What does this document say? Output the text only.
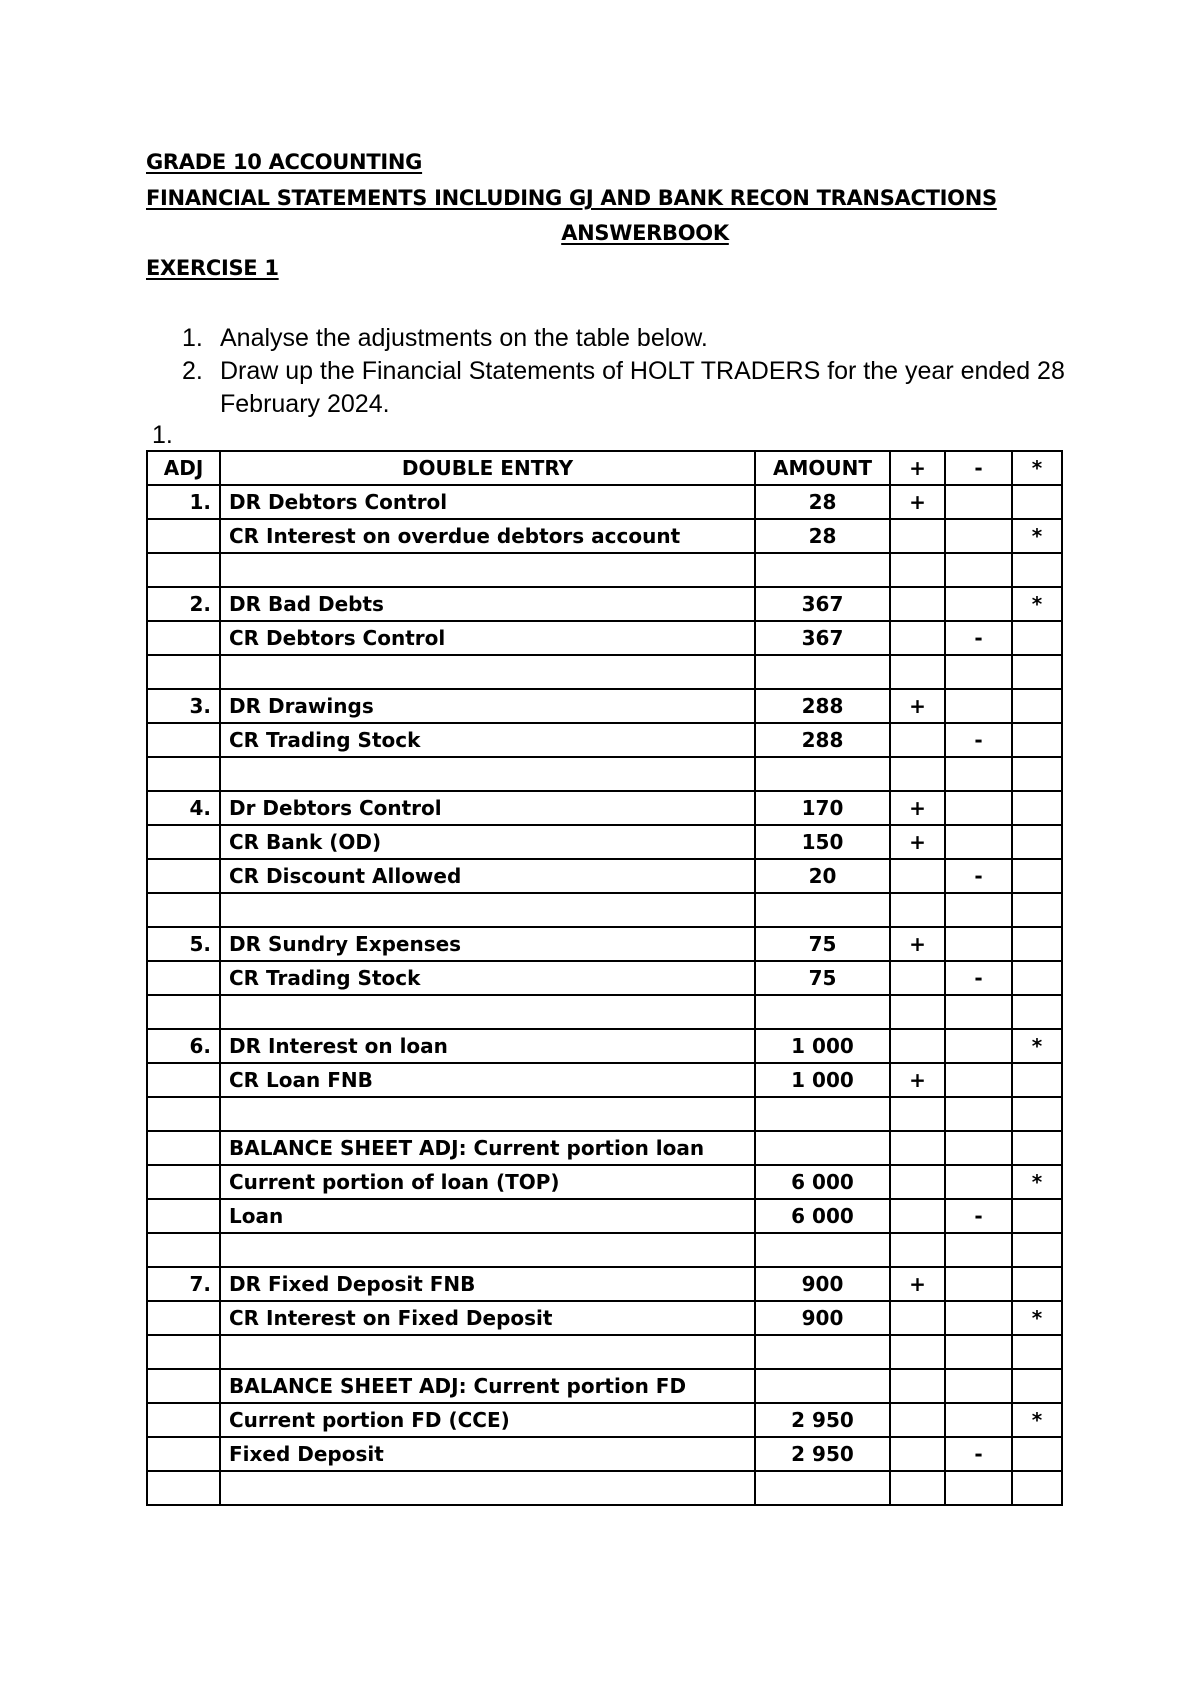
GRADE 10 ACCOUNTING
FINANCIAL STATEMENTS INCLUDING GJ AND BANK RECON TRANSACTIONS
ANSWERBOOK
EXERCISE 1
1. Analyse the adjustments on the table below.
2. Draw up the Financial Statements of HOLT TRADERS for the year ended 28 February 2024.
1.
ADJ	DOUBLE ENTRY	AMOUNT	+	-	*
1.	DR Debtors Control	28	+		
	CR Interest on overdue debtors account	28			*

2.	DR Bad Debts	367			*
	CR Debtors Control	367		-	

3.	DR Drawings	288	+		
	CR Trading Stock	288		-	

4.	Dr Debtors Control	170	+		
	CR Bank (OD)	150	+		
	CR Discount Allowed	20		-	

5.	DR Sundry Expenses	75	+		
	CR Trading Stock	75		-	

6.	DR Interest on loan	1 000			*
	CR Loan FNB	1 000	+		

	BALANCE SHEET ADJ: Current portion loan				
	Current portion of loan (TOP)	6 000			*
	Loan	6 000		-	

7.	DR Fixed Deposit FNB	900	+		
	CR Interest on Fixed Deposit	900			*

	BALANCE SHEET ADJ: Current portion FD				
	Current portion FD (CCE)	2 950			*
	Fixed Deposit	2 950		-	
